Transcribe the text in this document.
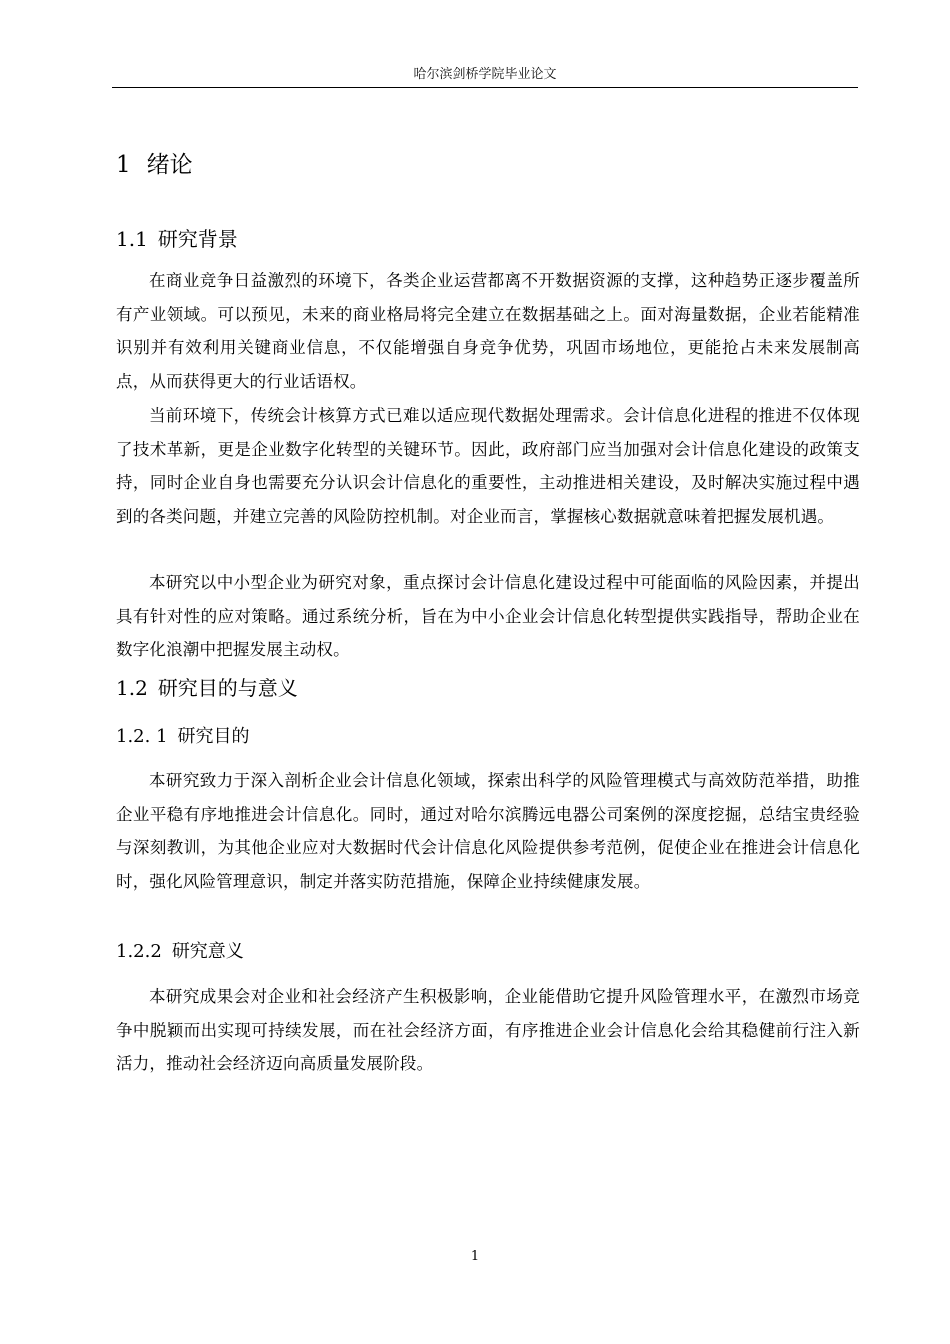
哈尔滨剑桥学院毕业论文
1 绪论
1.1 研究背景

在商业竞争日益激烈的环境下，各类企业运营都离不开数据资源的支撑，这种趋势正逐步覆盖所有产业领域。可以预见，未来的商业格局将完全建立在数据基础之上。面对海量数据，企业若能精准识别并有效利用关键商业信息，不仅能增强自身竞争优势，巩固市场地位，更能抢占未来发展制高点，从而获得更大的行业话语权。

当前环境下，传统会计核算方式已难以适应现代数据处理需求。会计信息化进程的推进不仅体现了技术革新，更是企业数字化转型的关键环节。因此，政府部门应当加强对会计信息化建设的政策支持，同时企业自身也需要充分认识会计信息化的重要性，主动推进相关建设，及时解决实施过程中遇到的各类问题，并建立完善的风险防控机制。对企业而言，掌握核心数据就意味着把握发展机遇。

本研究以中小型企业为研究对象，重点探讨会计信息化建设过程中可能面临的风险因素，并提出具有针对性的应对策略。通过系统分析，旨在为中小企业会计信息化转型提供实践指导，帮助企业在数字化浪潮中把握发展主动权。

1.2 研究目的与意义
1.2. 1 研究目的

本研究致力于深入剖析企业会计信息化领域，探索出科学的风险管理模式与高效防范举措，助推企业平稳有序地推进会计信息化。同时，通过对哈尔滨腾远电器公司案例的深度挖掘，总结宝贵经验与深刻教训，为其他企业应对大数据时代会计信息化风险提供参考范例，促使企业在推进会计信息化时，强化风险管理意识，制定并落实防范措施，保障企业持续健康发展。

1.2.2 研究意义

本研究成果会对企业和社会经济产生积极影响，企业能借助它提升风险管理水平，在激烈市场竞争中脱颖而出实现可持续发展，而在社会经济方面，有序推进企业会计信息化会给其稳健前行注入新活力，推动社会经济迈向高质量发展阶段。

1
